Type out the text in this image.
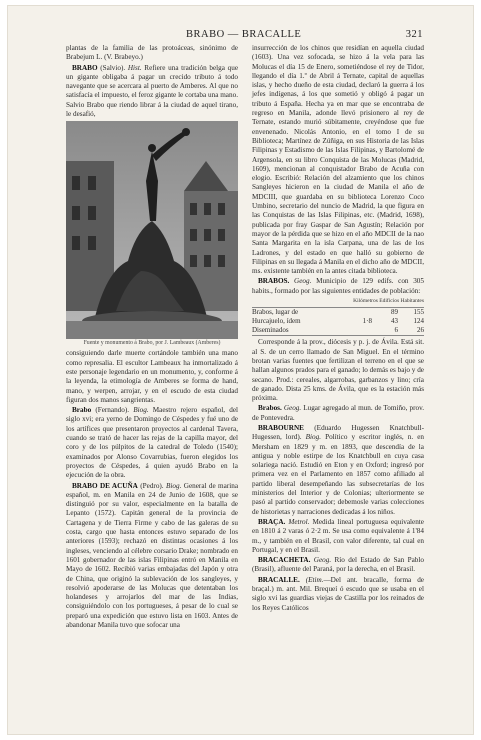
BRABO — BRACALLE	321

plantas de la familia de las protoáceas, sinónimo de Brabejum L. (V. Brabeyo.)

BRABO (Salvio). Hist. Refiere una tradición belga que un gigante obligaba á pagar un crecido tributo á todo navegante que se acercara al puerto de Amberes. Al que no satisfacía el impuesto, el feroz gigante le cortaba una mano. Salvio Brabo que riendo librar á la ciudad de aquel tirano, le desafió,

Fuente y monumento á Brabo, por J. Lambeaux (Amberes)

consiguiendo darle muerte cortándole también una mano como represalia. El escultor Lambeaux ha inmortalizado á este personaje legendario en un monumento, y, conforme á la leyenda, la etimología de Amberes se forma de hand, mano, y werpen, arrojar, y en el escudo de esta ciudad figuran dos manos sangrientas.

Brabo (Fernando). Biog. Maestro rejero español, del siglo xvi; era yerno de Domingo de Céspedes y fué uno de los artífices que presentaron proyectos al cardenal Tavera, cuando se trató de hacer las rejas de la capilla mayor, del coro y de los púlpitos de la catedral de Toledo (1540); examinados por Alonso Covarrubias, fueron elegidos los proyectos de Céspedes, á quien ayudó Brabo en la ejecución de la obra.

BRABO DE ACUÑA (Pedro). Biog. General de marina español, m. en Manila en 24 de Junio de 1608, que se distinguió por su valor, especialmente en la batalla de Lepanto (1572). Capitán general de la provincia de Cartagena y de Tierra Firme y cabo de las galeras de su costa, cargo que hasta entonces estuvo separado de los anteriores (1593); rechazó en distintas ocasiones á los ingleses, venciendo al célebre corsario Drake; nombrado en 1601 gobernador de las islas Filipinas entró en Manila en Mayo de 1602. Recibió varias embajadas del Japón y otra de China, que originó la sublevación de los sangleyes, y resolvió apoderarse de las Molucas que detentaban los holandeses y arrojarlos del mar de las Indias, consiguiéndolo con los portugueses, á pesar de lo cual se preparó una expedición que estuvo lista en 1603. Antes de abandonar Manila tuvo que sofocar una

insurrección de los chinos que residían en aquella ciudad (1603). Una vez sofocada, se hizo á la vela para las Molucas el día 15 de Enero, sometiéndose el rey de Tidor, llegando el día 1.º de Abril á Ternate, capital de aquellas islas, y hecho dueño de esta ciudad, declaró la guerra á los jefes indígenas, á los que sometió y obligó á pagar un tributo á España. Hecha ya en mar que se encontraba de regreso en Manila, adonde llevó prisionero al rey de Ternate, estando murió súbitamente, creyéndose que fue envenenado. Nicolás Antonio, en el tomo I de su Biblioteca; Martínez de Zúñiga, en sus Historia de las Islas Filipinas y Estadismo de las Islas Filipinas, y Bartolomé de Argensola, en su libro Conquista de las Molucas (Madrid, 1609), mencionan al conquistador Brabo de Acuña con elogio. Escribió: Relación del alzamiento que los chinos Sangleyes hicieron en la ciudad de Manila el año de MDCIII, que guardaba en su biblioteca Lorenzo Coco Umbino, secretario del nuncio de Madrid, la que figura en las Conquistas de las Islas Filipinas, etc. (Madrid, 1698), publicada por fray Gaspar de San Agustín; Relación por mayor de la pérdida que se hizo en el año MDCII de la nao Santa Margarita en la isla Carpana, una de las de los Ladrones, y del estado en que halló su gobierno de Filipinas en su llegada á Manila en el dicho año de MDCII, ms. existente también en la antes citada biblioteca.

BRABOS. Geog. Municipio de 129 edifs. con 305 habits., formado por las siguientes entidades de población:

Kilómetros Edificios Habitantes
Brabos, lugar de		89	155
Hurcajuelo, ídem	1·8	43	124
Diseminados		6	26

Corresponde á la prov., diócesis y p. j. de Ávila. Está sit. al S. de un cerro llamado de San Miguel. En el término brotan varias fuentes que fertilizan el terreno en el que se hallan algunos prados para el ganado; lo demás es bajo y de secano. Prod.: cereales, algarrobas, garbanzos y lino; cría de ganado. Dista 25 kms. de Ávila, que es la estación más próxima.

Brabos. Geog. Lugar agregado al mun. de Tomiño, prov. de Pontevedra.

BRABOURNE (Eduardo Hugessen Knatchbull-Hugessen, lord). Biog. Político y escritor inglés, n. en Mersham en 1829 y m. en 1893, que descendía de la antigua y noble estirpe de los Knatchbull en cuya casa solariega nació. Estudió en Eton y en Oxford; ingresó por primera vez en el Parlamento en 1857 como afiliado al partido liberal desempeñando las subsecretarías de los ministerios del Interior y de Colonias; ulteriormente se pasó al partido conservador; debemosle varias colecciones de historietas y narraciones dedicadas á los niños.

BRAÇA. Metrol. Medida lineal portuguesa equivalente en 1810 á 2 varas ó 2·2 m. Se usa como equivalente á 1'84 m., y también en el Brasil, con valor diferente, tal cual en Portugal, y en el Brasil.

BRACACHETA. Geog. Río del Estado de San Pablo (Brasil), afluente del Paraná, por la derecha, en el Brasil.

BRACALLE. (Etim.—Del ant. bracalle, forma de braçal.) m. ant. Mil. Brequeí ó escudo que se usaba en el siglo xvi las guardias viejas de Castilla por los reinados de los Reyes Católicos
